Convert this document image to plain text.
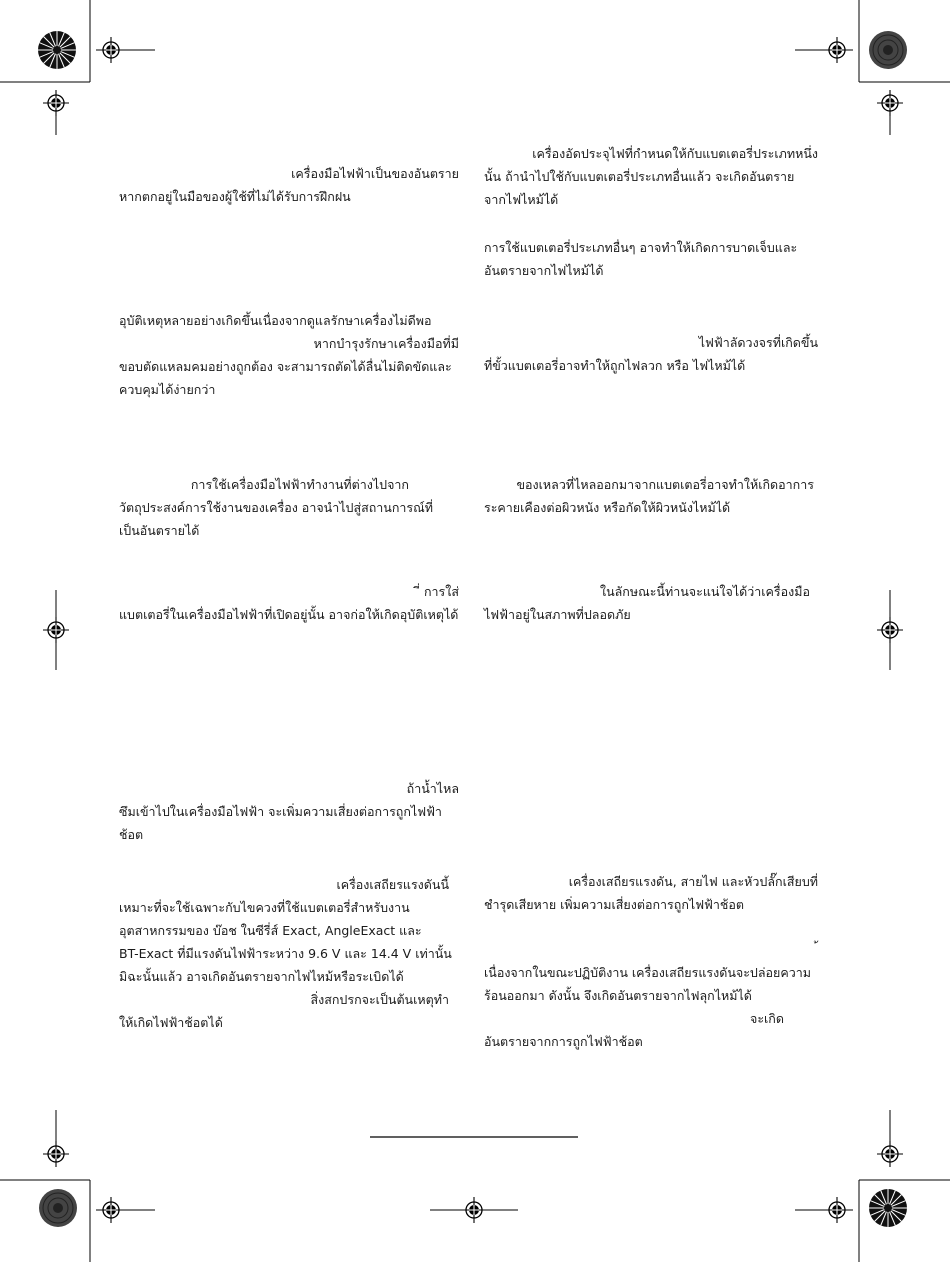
เครื่องมือไฟฟ้าเป็นของอันตราย
หากตกอยู่ในมือของผู้ใช้ที่ไม่ได้รับการฝึกฝน
อุบัติเหตุหลายอย่างเกิดขึ้นเนื่องจากดูแลรักษาเครื่องไม่ดีพอ
หากบำรุงรักษาเครื่องมือที่มี
ขอบตัดแหลมคมอย่างถูกต้อง จะสามารถตัดได้ลื่นไม่ติดขัดและ
ควบคุมได้ง่ายกว่า
การใช้เครื่องมือไฟฟ้าทำงานที่ต่างไปจาก
วัตถุประสงค์การใช้งานของเครื่อง อาจนำไปสู่สถานการณ์ที่
เป็นอันตรายได้
ี่ การใส่
แบตเตอรี่ในเครื่องมือไฟฟ้าที่เปิดอยู่นั้น อาจก่อให้เกิดอุบัติเหตุได้
ถ้าน้ำไหล
ซึมเข้าไปในเครื่องมือไฟฟ้า จะเพิ่มความเสี่ยงต่อการถูกไฟฟ้า
ช้อต
เครื่องเสถียรแรงดันนี้
เหมาะที่จะใช้เฉพาะกับไขควงที่ใช้แบตเตอรี่สำหรับงาน
อุตสาหกรรมของ บ๊อช ในซีรี่ส์ Exact, AngleExact และ
BT-Exact ที่มีแรงดันไฟฟ้าระหว่าง 9.6 V และ 14.4 V เท่านั้น
มิฉะนั้นแล้ว อาจเกิดอันตรายจากไฟไหม้หรือระเบิดได้
สิ่งสกปรกจะเป็นต้นเหตุทำ
ให้เกิดไฟฟ้าช้อตได้
เครื่องอัดประจุไฟที่กำหนดให้กับแบตเตอรี่ประเภทหนึ่ง
นั้น ถ้านำไปใช้กับแบตเตอรี่ประเภทอื่นแล้ว จะเกิดอันตราย
จากไฟไหม้ได้
การใช้แบตเตอรี่ประเภทอื่นๆ อาจทำให้เกิดการบาดเจ็บและ
อันตรายจากไฟไหม้ได้
ไฟฟ้าลัดวงจรที่เกิดขึ้น
ที่ขั้วแบตเตอรี่อาจทำให้ถูกไฟลวก หรือ ไฟไหม้ได้
ของเหลวที่ไหลออกมาจากแบตเตอรี่อาจทำให้เกิดอาการ
ระคายเคืองต่อผิวหนัง หรือกัดให้ผิวหนังไหม้ได้
ในลักษณะนี้ท่านจะแน่ใจได้ว่าเครื่องมือ
ไฟฟ้าอยู่ในสภาพที่ปลอดภัย
เครื่องเสถียรแรงดัน, สายไฟ และหัวปลั๊กเสียบที่
ชำรุดเสียหาย เพิ่มความเสี่ยงต่อการถูกไฟฟ้าช้อต
เนื่องจากในขณะปฏิบัติงาน เครื่องเสถียรแรงดันจะปล่อยความ
ร้อนออกมา ดังนั้น จึงเกิดอันตรายจากไฟลุกไหม้ได้
จะเกิด
อันตรายจากการถูกไฟฟ้าช้อต
